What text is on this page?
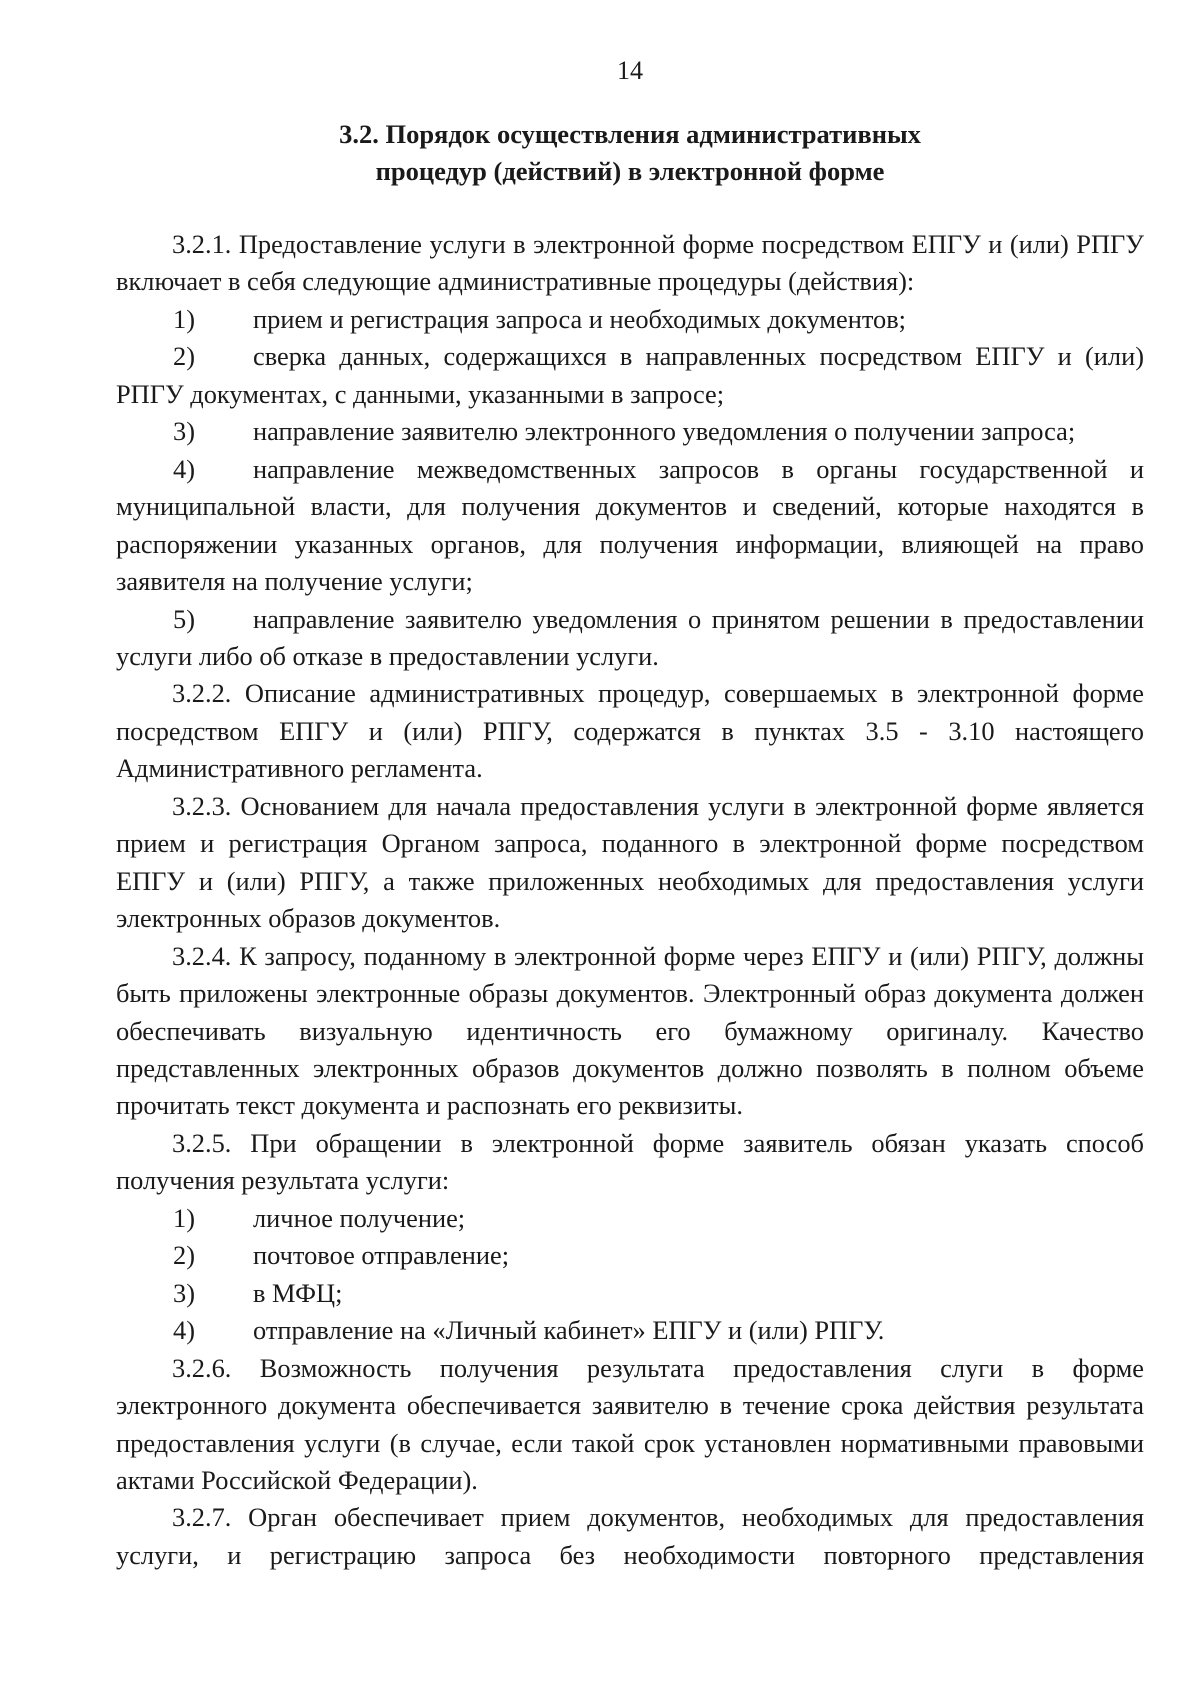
14
3.2. Порядок осуществления административных
процедур (действий) в электронной форме

3.2.1. Предоставление услуги в электронной форме посредством ЕПГУ и (или) РПГУ включает в себя следующие административные процедуры (действия):

1) прием и регистрация запроса и необходимых документов;

2) сверка данных, содержащихся в направленных посредством ЕПГУ и (или) РПГУ документах, с данными, указанными в запросе;

3) направление заявителю электронного уведомления о получении запроса;

4) направление межведомственных запросов в органы государственной и муниципальной власти, для получения документов и сведений, которые находятся в распоряжении указанных органов, для получения информации, влияющей на право заявителя на получение услуги;

5) направление заявителю уведомления о принятом решении в предоставлении услуги либо об отказе в предоставлении услуги.

3.2.2. Описание административных процедур, совершаемых в электронной форме посредством ЕПГУ и (или) РПГУ, содержатся в пунктах 3.5 - 3.10 настоящего Административного регламента.

3.2.3. Основанием для начала предоставления услуги в электронной форме является прием и регистрация Органом запроса, поданного в электронной форме посредством ЕПГУ и (или) РПГУ, а также приложенных необходимых для предоставления услуги электронных образов документов.

3.2.4. К запросу, поданному в электронной форме через ЕПГУ и (или) РПГУ, должны быть приложены электронные образы документов. Электронный образ документа должен обеспечивать визуальную идентичность его бумажному оригиналу. Качество представленных электронных образов документов должно позволять в полном объеме прочитать текст документа и распознать его реквизиты.

3.2.5. При обращении в электронной форме заявитель обязан указать способ получения результата услуги:

1) личное получение;

2) почтовое отправление;

3) в МФЦ;

4) отправление на «Личный кабинет» ЕПГУ и (или) РПГУ.

3.2.6. Возможность получения результата предоставления слуги в форме электронного документа обеспечивается заявителю в течение срока действия результата предоставления услуги (в случае, если такой срок установлен нормативными правовыми актами Российской Федерации).

3.2.7. Орган обеспечивает прием документов, необходимых для предоставления услуги, и регистрацию запроса без необходимости повторного представления
